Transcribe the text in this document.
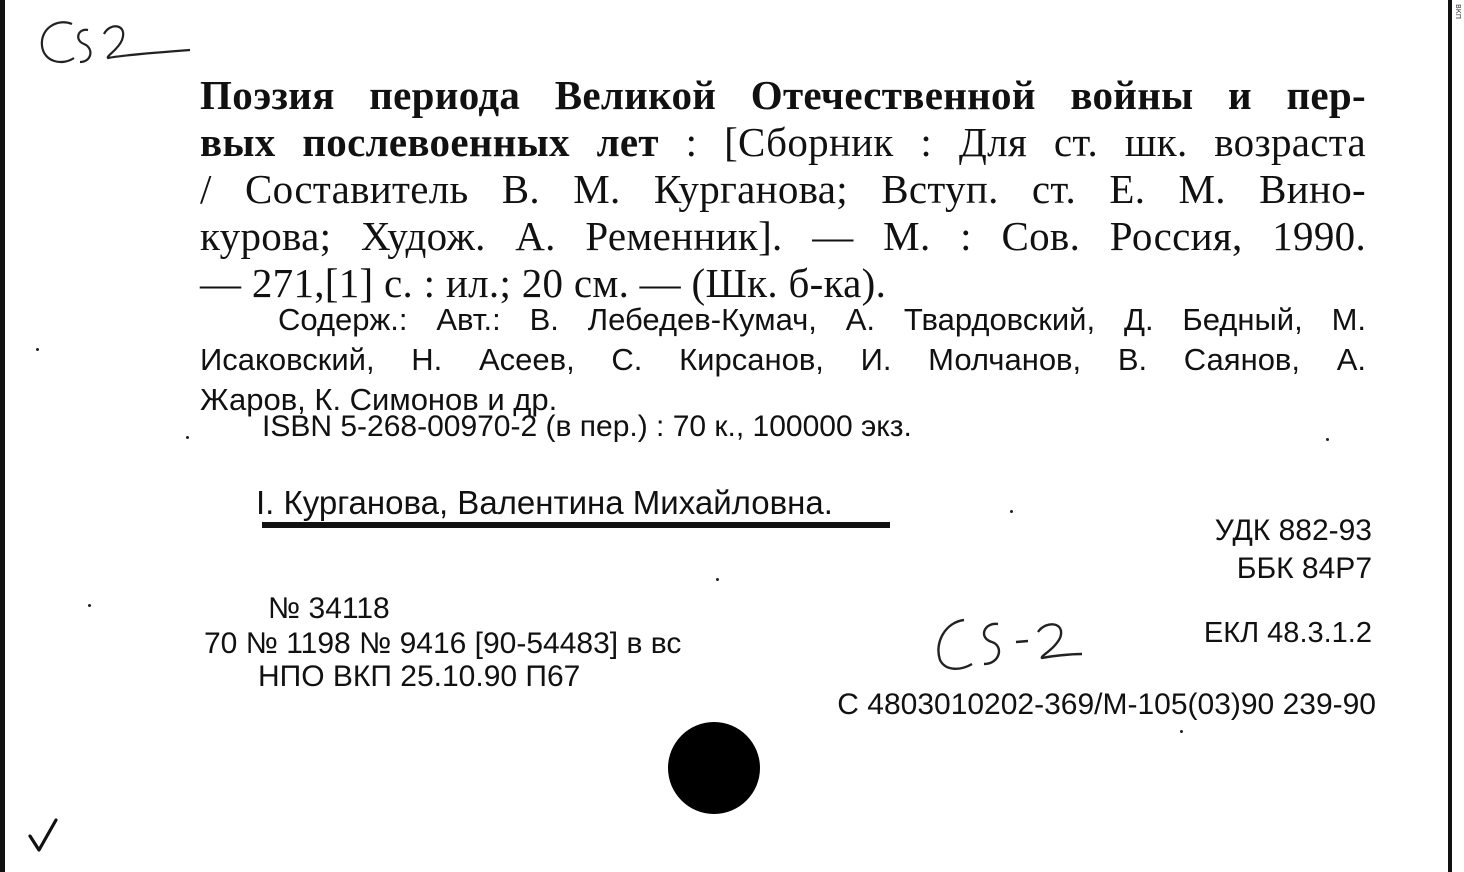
ВКП
Поэзия периода Великой Отечественной войны и пер-
вых послевоенных лет : [Сборник : Для ст. шк. возраста
/ Составитель В. М. Курганова; Вступ. ст. Е. М. Вино-
курова; Худож. А. Ременник]. — М. : Сов. Россия, 1990.
— 271,[1] с. : ил.; 20 см. — (Шк. б-ка).
Содерж.: Авт.: В. Лебедев-Кумач, А. Твардовский, Д. Бедный, М.
Исаковский, Н. Асеев, С. Кирсанов, И. Молчанов, В. Саянов, А.
Жаров, К. Симонов и др.
ISBN 5-268-00970-2 (в пер.) : 70 к., 100000 экз.
I. Курганова, Валентина Михайловна.
УДК 882-93
ББК 84Р7
ЕКЛ 48.3.1.2
№ 34118
70 № 1198 № 9416 [90-54483] в вс
НПО ВКП 25.10.90 П67
С 4803010202-369/М-105(03)90 239-90
